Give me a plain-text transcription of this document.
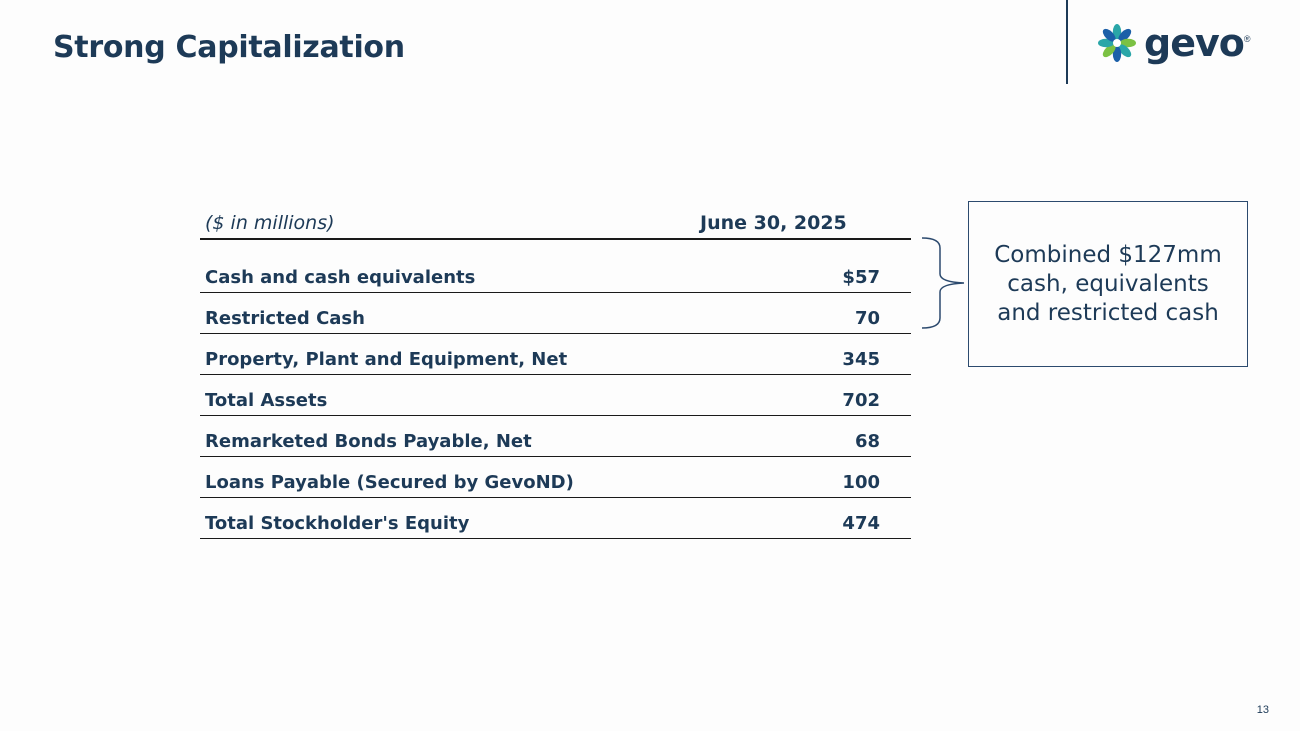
Strong Capitalization	gevo ®
($ in millions)	June 30, 2025
Cash and cash equivalents	$57
Restricted Cash	70
Property, Plant and Equipment, Net	345
Total Assets	702
Remarketed Bonds Payable, Net	68
Loans Payable (Secured by GevoND)	100
Total Stockholder's Equity	474
Combined $127mm cash, equivalents and restricted cash
13
